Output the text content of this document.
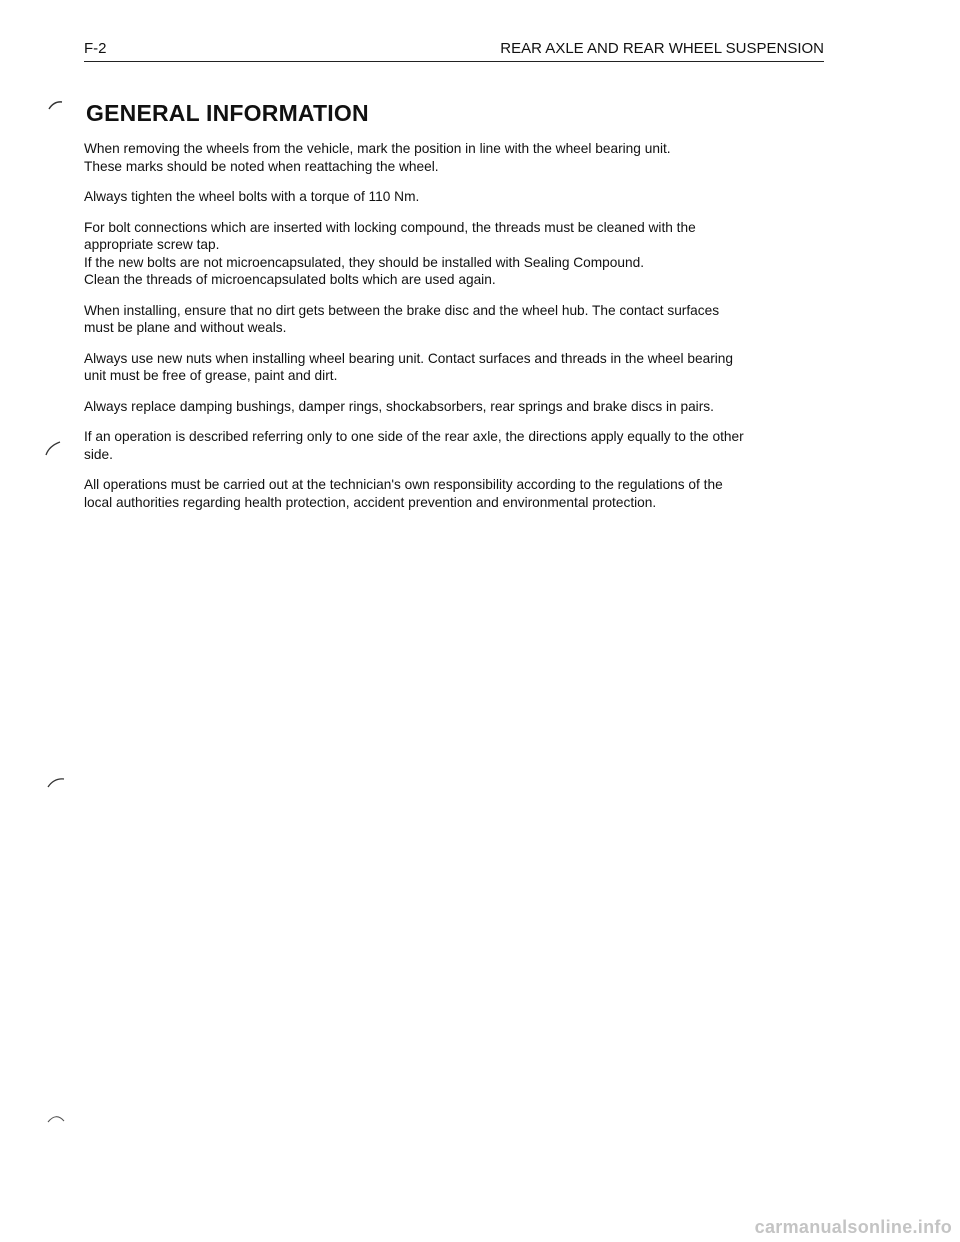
F-2	REAR AXLE AND REAR WHEEL SUSPENSION
GENERAL INFORMATION

When removing the wheels from the vehicle, mark the position in line with the wheel bearing unit.
These marks should be noted when reattaching the wheel.

Always tighten the wheel bolts with a torque of 110 Nm.

For bolt connections which are inserted with locking compound, the threads must be cleaned with the
appropriate screw tap.
If the new bolts are not microencapsulated, they should be installed with Sealing Compound.
Clean the threads of microencapsulated bolts which are used again.

When installing, ensure that no dirt gets between the brake disc and the wheel hub. The contact surfaces
must be plane and without weals.

Always use new nuts when installing wheel bearing unit. Contact surfaces and threads in the wheel bearing
unit must be free of grease, paint and dirt.

Always replace damping bushings, damper rings, shockabsorbers, rear springs and brake discs in pairs.

If an operation is described referring only to one side of the rear axle, the directions apply equally to the other
side.

All operations must be carried out at the technician's own responsibility according to the regulations of the
local authorities regarding health protection, accident prevention and environmental protection.

carmanualsonline.info
